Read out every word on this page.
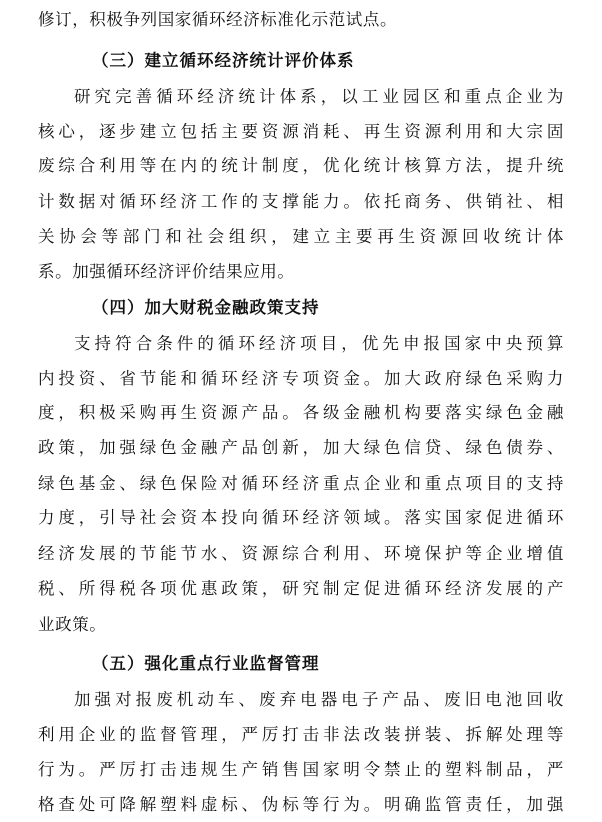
修订，积极争列国家循环经济标准化示范试点。
（三）建立循环经济统计评价体系
研究完善循环经济统计体系，以工业园区和重点企业为
核心，逐步建立包括主要资源消耗、再生资源利用和大宗固
废综合利用等在内的统计制度，优化统计核算方法，提升统
计数据对循环经济工作的支撑能力。依托商务、供销社、相
关协会等部门和社会组织，建立主要再生资源回收统计体
系。加强循环经济评价结果应用。
（四）加大财税金融政策支持
支持符合条件的循环经济项目，优先申报国家中央预算
内投资、省节能和循环经济专项资金。加大政府绿色采购力
度，积极采购再生资源产品。各级金融机构要落实绿色金融
政策，加强绿色金融产品创新，加大绿色信贷、绿色债券、
绿色基金、绿色保险对循环经济重点企业和重点项目的支持
力度，引导社会资本投向循环经济领域。落实国家促进循环
经济发展的节能节水、资源综合利用、环境保护等企业增值
税、所得税各项优惠政策，研究制定促进循环经济发展的产
业政策。
（五）强化重点行业监督管理
加强对报废机动车、废弃电器电子产品、废旧电池回收
利用企业的监督管理，严厉打击非法改装拼装、拆解处理等
行为。严厉打击违规生产销售国家明令禁止的塑料制品，严
格查处可降解塑料虚标、伪标等行为。明确监管责任，加强
